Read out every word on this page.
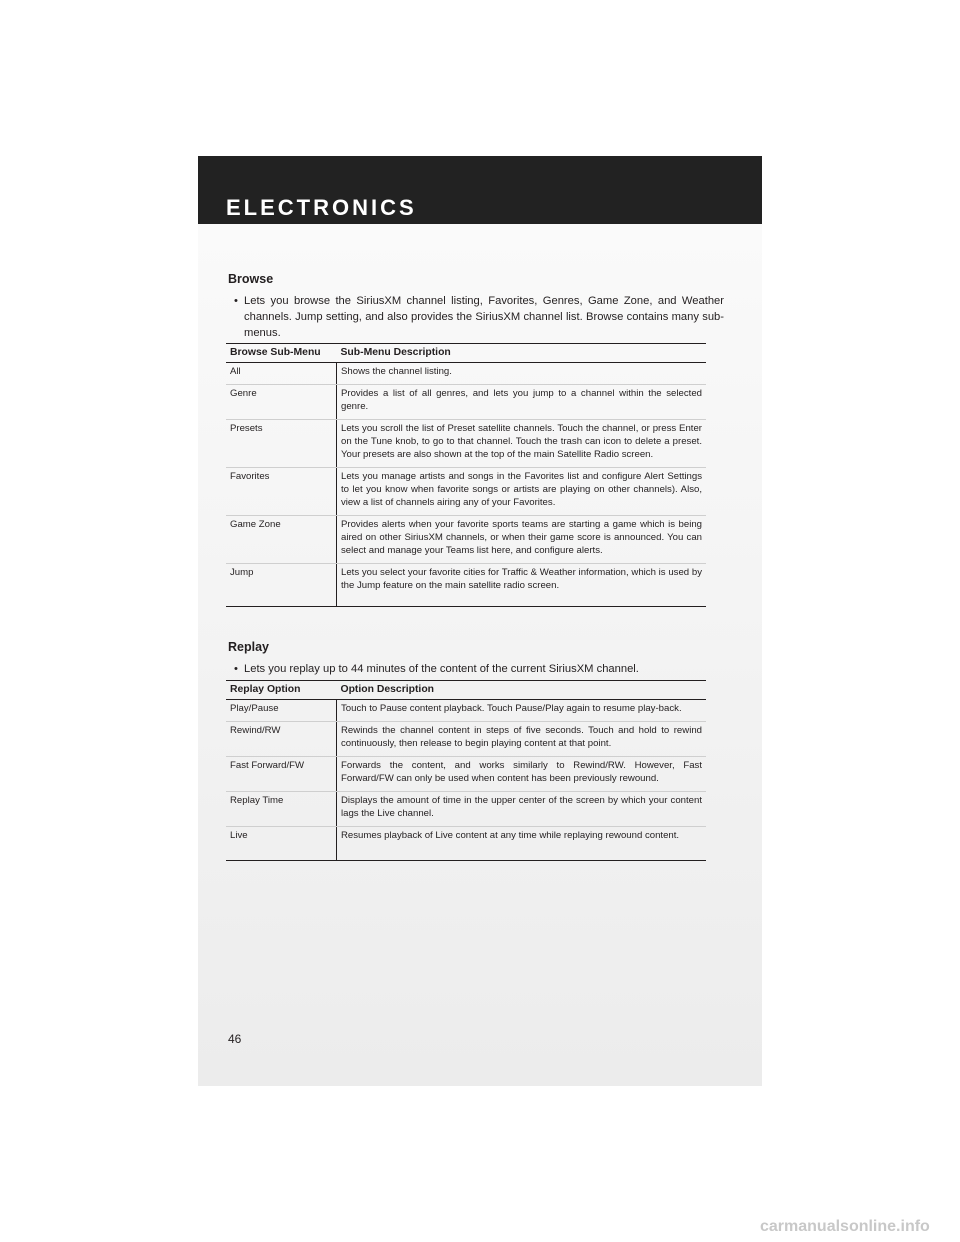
ELECTRONICS
Browse
• Lets you browse the SiriusXM channel listing, Favorites, Genres, Game Zone, and Weather channels. Jump setting, and also provides the SiriusXM channel list. Browse contains many sub-menus.
Browse Sub-Menu	Sub-Menu Description
All	Shows the channel listing.
Genre	Provides a list of all genres, and lets you jump to a channel within the selected genre.
Presets	Lets you scroll the list of Preset satellite channels. Touch the channel, or press Enter on the Tune knob, to go to that channel. Touch the trash can icon to delete a preset. Your presets are also shown at the top of the main Satellite Radio screen.
Favorites	Lets you manage artists and songs in the Favorites list and configure Alert Settings to let you know when favorite songs or artists are playing on other channels). Also, view a list of channels airing any of your Favorites.
Game Zone	Provides alerts when your favorite sports teams are starting a game which is being aired on other SiriusXM channels, or when their game score is announced. You can select and manage your Teams list here, and configure alerts.
Jump	Lets you select your favorite cities for Traffic & Weather information, which is used by the Jump feature on the main satellite radio screen.
Replay
• Lets you replay up to 44 minutes of the content of the current SiriusXM channel.
Replay Option	Option Description
Play/Pause	Touch to Pause content playback. Touch Pause/Play again to resume play-back.
Rewind/RW	Rewinds the channel content in steps of five seconds. Touch and hold to rewind continuously, then release to begin playing content at that point.
Fast Forward/FW	Forwards the content, and works similarly to Rewind/RW. However, Fast Forward/FW can only be used when content has been previously rewound.
Replay Time	Displays the amount of time in the upper center of the screen by which your content lags the Live channel.
Live	Resumes playback of Live content at any time while replaying rewound content.
46
carmanualsonline.info
